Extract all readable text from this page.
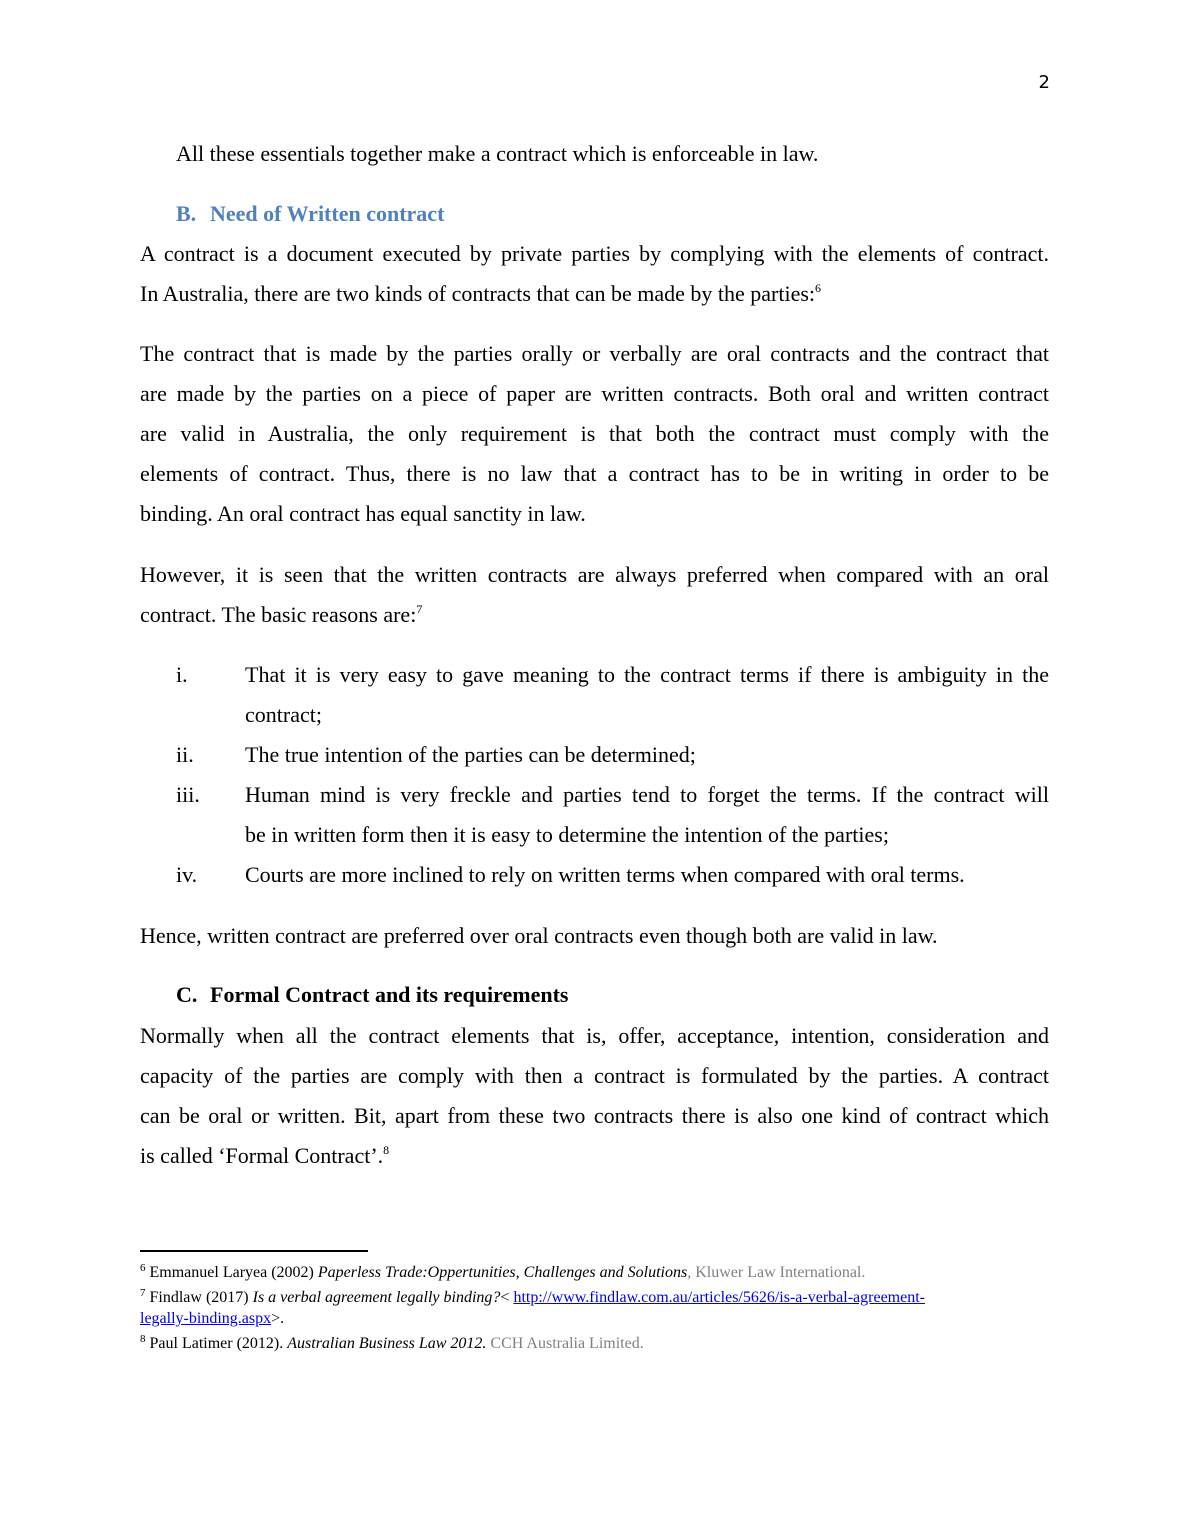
2
All these essentials together make a contract which is enforceable in law.
B. Need of Written contract
A contract is a document executed by private parties by complying with the elements of contract.
In Australia, there are two kinds of contracts that can be made by the parties:$^6$
The contract that is made by the parties orally or verbally are oral contracts and the contract that
are made by the parties on a piece of paper are written contracts. Both oral and written contract
are valid in Australia, the only requirement is that both the contract must comply with the
elements of contract. Thus, there is no law that a contract has to be in writing in order to be
binding. An oral contract has equal sanctity in law.
However, it is seen that the written contracts are always preferred when compared with an oral
contract. The basic reasons are:$^7$
i.	That it is very easy to gave meaning to the contract terms if there is ambiguity in the
contract;
ii. The true intention of the parties can be determined;
iii. Human mind is very freckle and parties tend to forget the terms. If the contract will
be in written form then it is easy to determine the intention of the parties;
iv. Courts are more inclined to rely on written terms when compared with oral terms.
Hence, written contract are preferred over oral contracts even though both are valid in law.
C. Formal Contract and its requirements
Normally when all the contract elements that is, offer, acceptance, intention, consideration and
capacity of the parties are comply with then a contract is formulated by the parties. A contract
can be oral or written. Bit, apart from these two contracts there is also one kind of contract which
is called ‘Formal Contract’.$^8$
$^6$ Emmanuel Laryea (2002) Paperless Trade:Oppertunities, Challenges and Solutions, Kluwer Law International.
$^7$ Findlaw (2017) Is a verbal agreement legally binding?< http://www.findlaw.com.au/articles/5626/is-a-verbal-agreement-
legally-binding.aspx>.
$^8$ Paul Latimer (2012). Australian Business Law 2012. CCH Australia Limited.
